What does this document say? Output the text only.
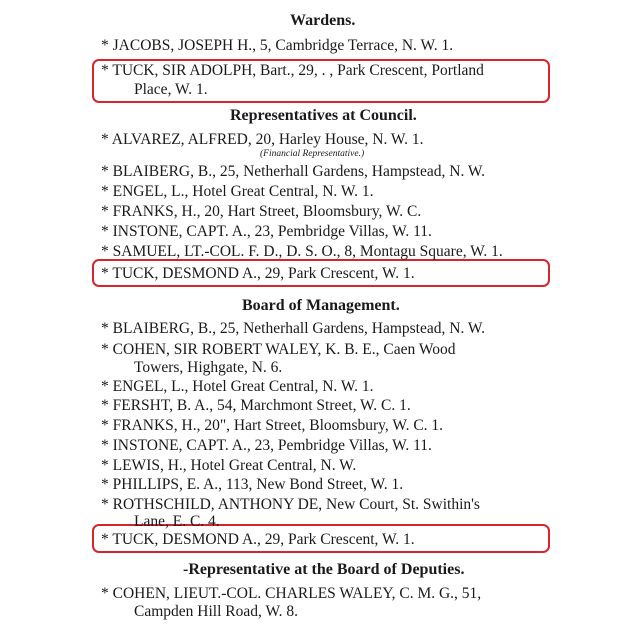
Wardens.
* JACOBS, JOSEPH H., 5, Cambridge Terrace, N. W. 1.
* TUCK, SIR ADOLPH, Bart., 29, . , Park Crescent, Portland
Place, W. 1.
Representatives at Council.
* ALVAREZ, ALFRED, 20, Harley House, N. W. 1.
(Financial Representative.)
* BLAIBERG, B., 25, Netherhall Gardens, Hampstead, N. W.
* ENGEL, L., Hotel Great Central, N. W. 1.
* FRANKS, H., 20, Hart Street, Bloomsbury, W. C.
* INSTONE, CAPT. A., 23, Pembridge Villas, W. 11.
* SAMUEL, LT.-COL. F. D., D. S. O., 8, Montagu Square, W. 1.
* TUCK, DESMOND A., 29, Park Crescent, W. 1.
Board of Management.
* BLAIBERG, B., 25, Netherhall Gardens, Hampstead, N. W.
* COHEN, SIR ROBERT WALEY, K. B. E., Caen Wood
Towers, Highgate, N. 6.
* ENGEL, L., Hotel Great Central, N. W. 1.
* FERSHT, B. A., 54, Marchmont Street, W. C. 1.
* FRANKS, H., 20", Hart Street, Bloomsbury, W. C. 1.
* INSTONE, CAPT. A., 23, Pembridge Villas, W. 11.
* LEWIS, H., Hotel Great Central, N. W.
* PHILLIPS, E. A., 113, New Bond Street, W. 1.
* ROTHSCHILD, ANTHONY DE, New Court, St. Swithin's
Lane, E. C. 4.
* TUCK, DESMOND A., 29, Park Crescent, W. 1.
-Representative at the Board of Deputies.
* COHEN, LIEUT.-COL. CHARLES WALEY, C. M. G., 51,
Campden Hill Road, W. 8.
